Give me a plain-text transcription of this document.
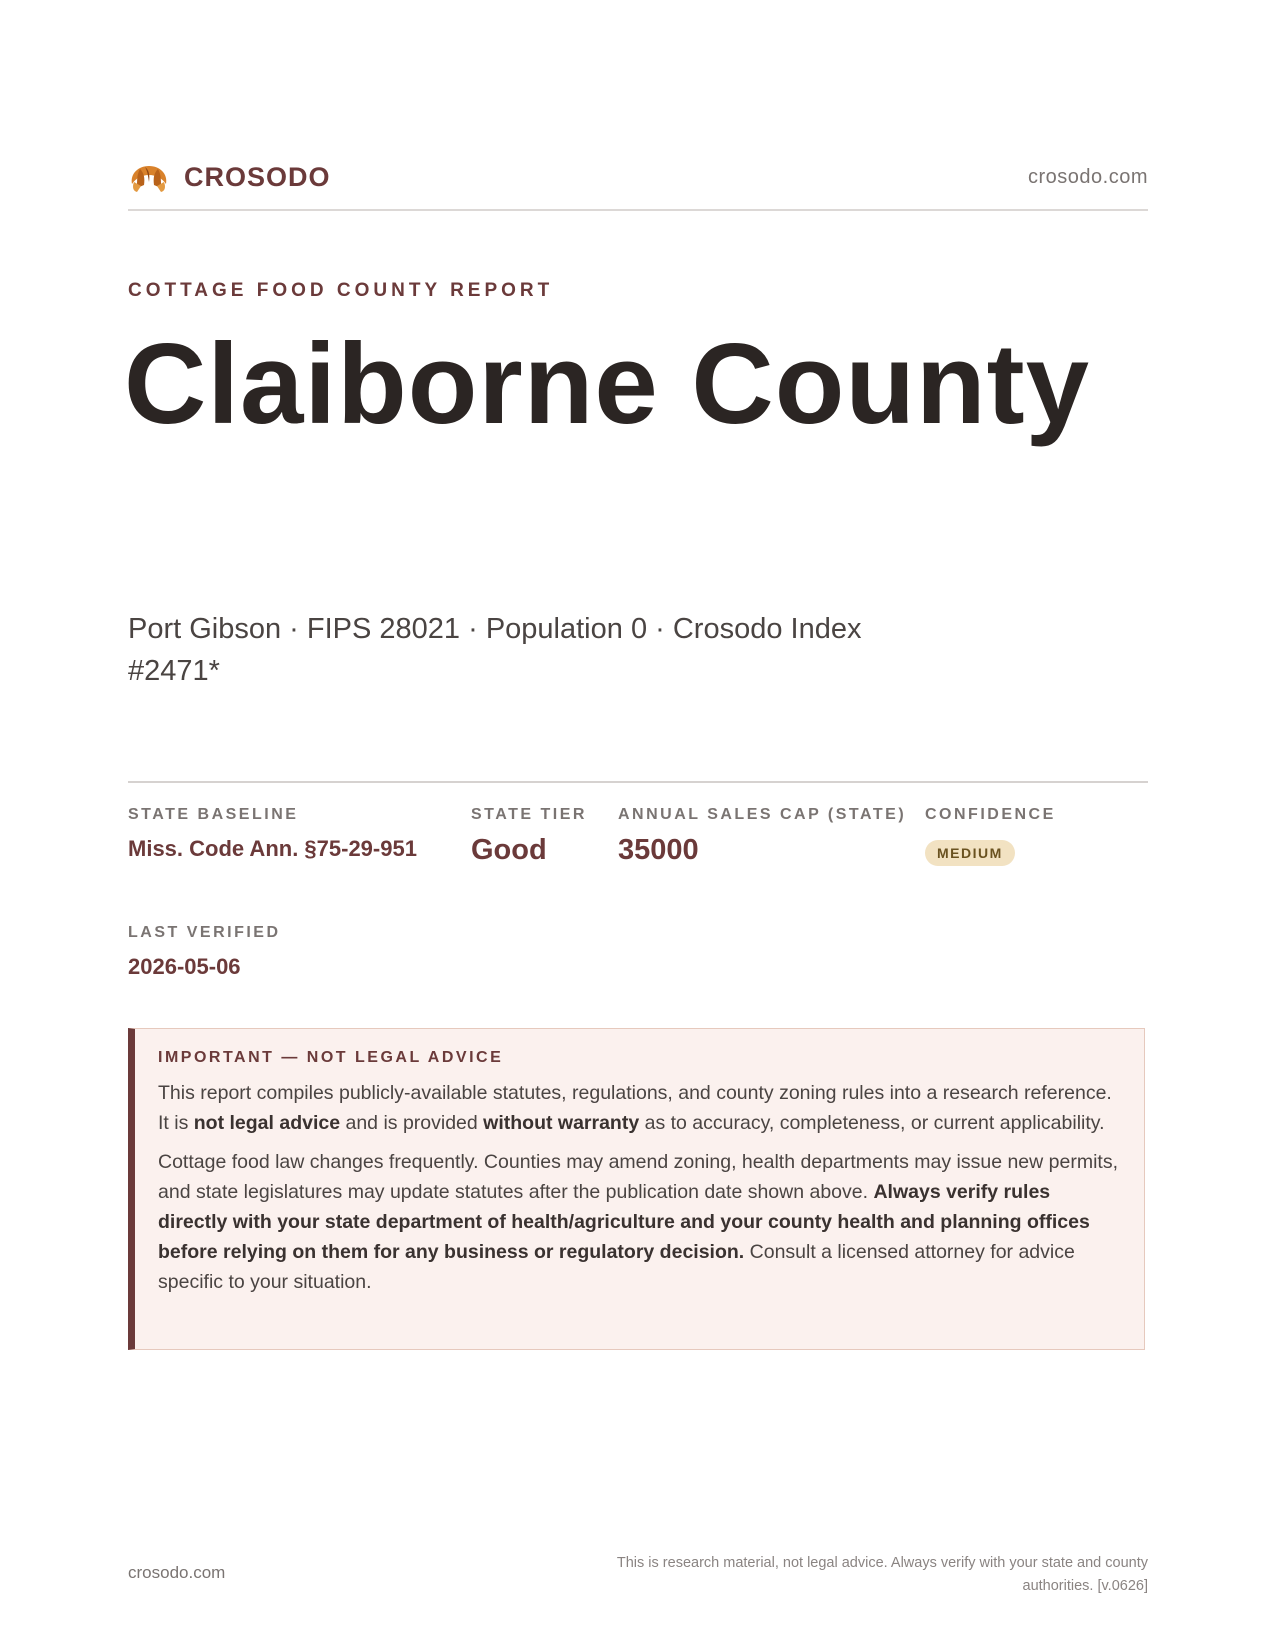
CROSODO	crosodo.com
COTTAGE FOOD COUNTY REPORT
Claiborne County
Port Gibson · FIPS 28021 · Population 0 · Crosodo Index #2471*
STATE BASELINE
Miss. Code Ann. §75-29-951
STATE TIER
Good
ANNUAL SALES CAP (STATE)
35000
CONFIDENCE
MEDIUM
LAST VERIFIED
2026-05-06
IMPORTANT — NOT LEGAL ADVICE

This report compiles publicly-available statutes, regulations, and county zoning rules into a research reference. It is not legal advice and is provided without warranty as to accuracy, completeness, or current applicability.

Cottage food law changes frequently. Counties may amend zoning, health departments may issue new permits, and state legislatures may update statutes after the publication date shown above. Always verify rules directly with your state department of health/agriculture and your county health and planning offices before relying on them for any business or regulatory decision. Consult a licensed attorney for advice specific to your situation.

crosodo.com	This is research material, not legal advice. Always verify with your state and county authorities. [v.0626]
